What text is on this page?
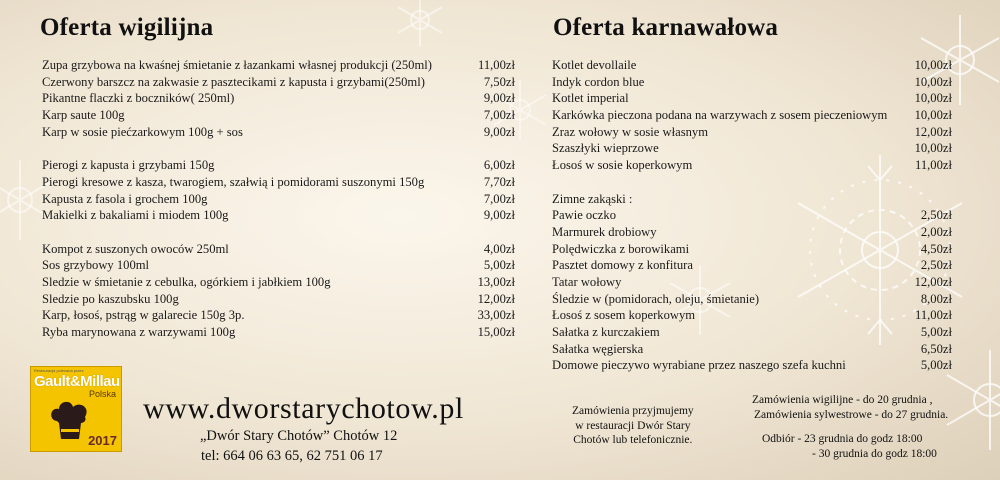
Oferta wigilijna
Zupa grzybowa na kwaśnej śmietanie z łazankami własnej produkcji (250ml)	11,00zł
Czerwony barszcz na zakwasie z pasztecikami z kapusta i grzybami(250ml)	7,50zł
Pikantne flaczki z boczników( 250ml)	9,00zł
Karp saute 100g	7,00zł
Karp w sosie piećzarkowym 100g + sos	9,00zł
Pierogi z kapusta i grzybami 150g	6,00zł
Pierogi kresowe z kasza, twarogiem, szałwią i pomidorami suszonymi 150g	7,70zł
Kapusta z fasola i grochem 100g	7,00zł
Makielki z bakaliami i miodem 100g	9,00zł
Kompot z suszonych owoców 250ml	4,00zł
Sos grzybowy 100ml	5,00zł
Sledzie w śmietanie z cebulka, ogórkiem i jabłkiem 100g	13,00zł
Sledzie po kaszubsku 100g	12,00zł
Karp, łosoś, pstrąg w galarecie 150g 3p.	33,00zł
Ryba marynowana z warzywami 100g	15,00zł
Oferta karnawałowa
Kotlet devollaile	10,00zł
Indyk cordon blue	10,00zł
Kotlet imperial	10,00zł
Karkówka pieczona podana na warzywach z sosem pieczeniowym 10,00zł
Zraz wołowy w sosie własnym	12,00zł
Szaszłyki wieprzowe	10,00zł
Łosoś w sosie koperkowym	11,00zł
Zimne zakąski :
Pawie oczko	2,50zł
Marmurek drobiowy	2,00zł
Polędwiczka z borowikami	4,50zł
Pasztet domowy z konfitura	2,50zł
Tatar wołowy	12,00zł
Śledzie w (pomidorach, oleju, śmietanie)	8,00zł
Łosoś z sosem koperkowym	11,00zł
Sałatka z kurczakiem	5,00zł
Sałatka węgierska	6,50zł
Domowe pieczywo wyrabiane przez naszego szefa kuchni	5,00zł
Restauracja polecana przez
Gault&Millau
Polska
2017
www.dworstarychotow.pl
„Dwór Stary Chotów” Chotów 12
tel: 664 06 63 65, 62 751 06 17
Zamówienia przyjmujemy
w restauracji Dwór Stary
Chotów lub telefonicznie.
Zamówienia wigilijne - do 20 grudnia ,
Zamówienia sylwestrowe - do 27 grudnia.
Odbiór - 23 grudnia do godz 18:00
- 30 grudnia do godz 18:00
